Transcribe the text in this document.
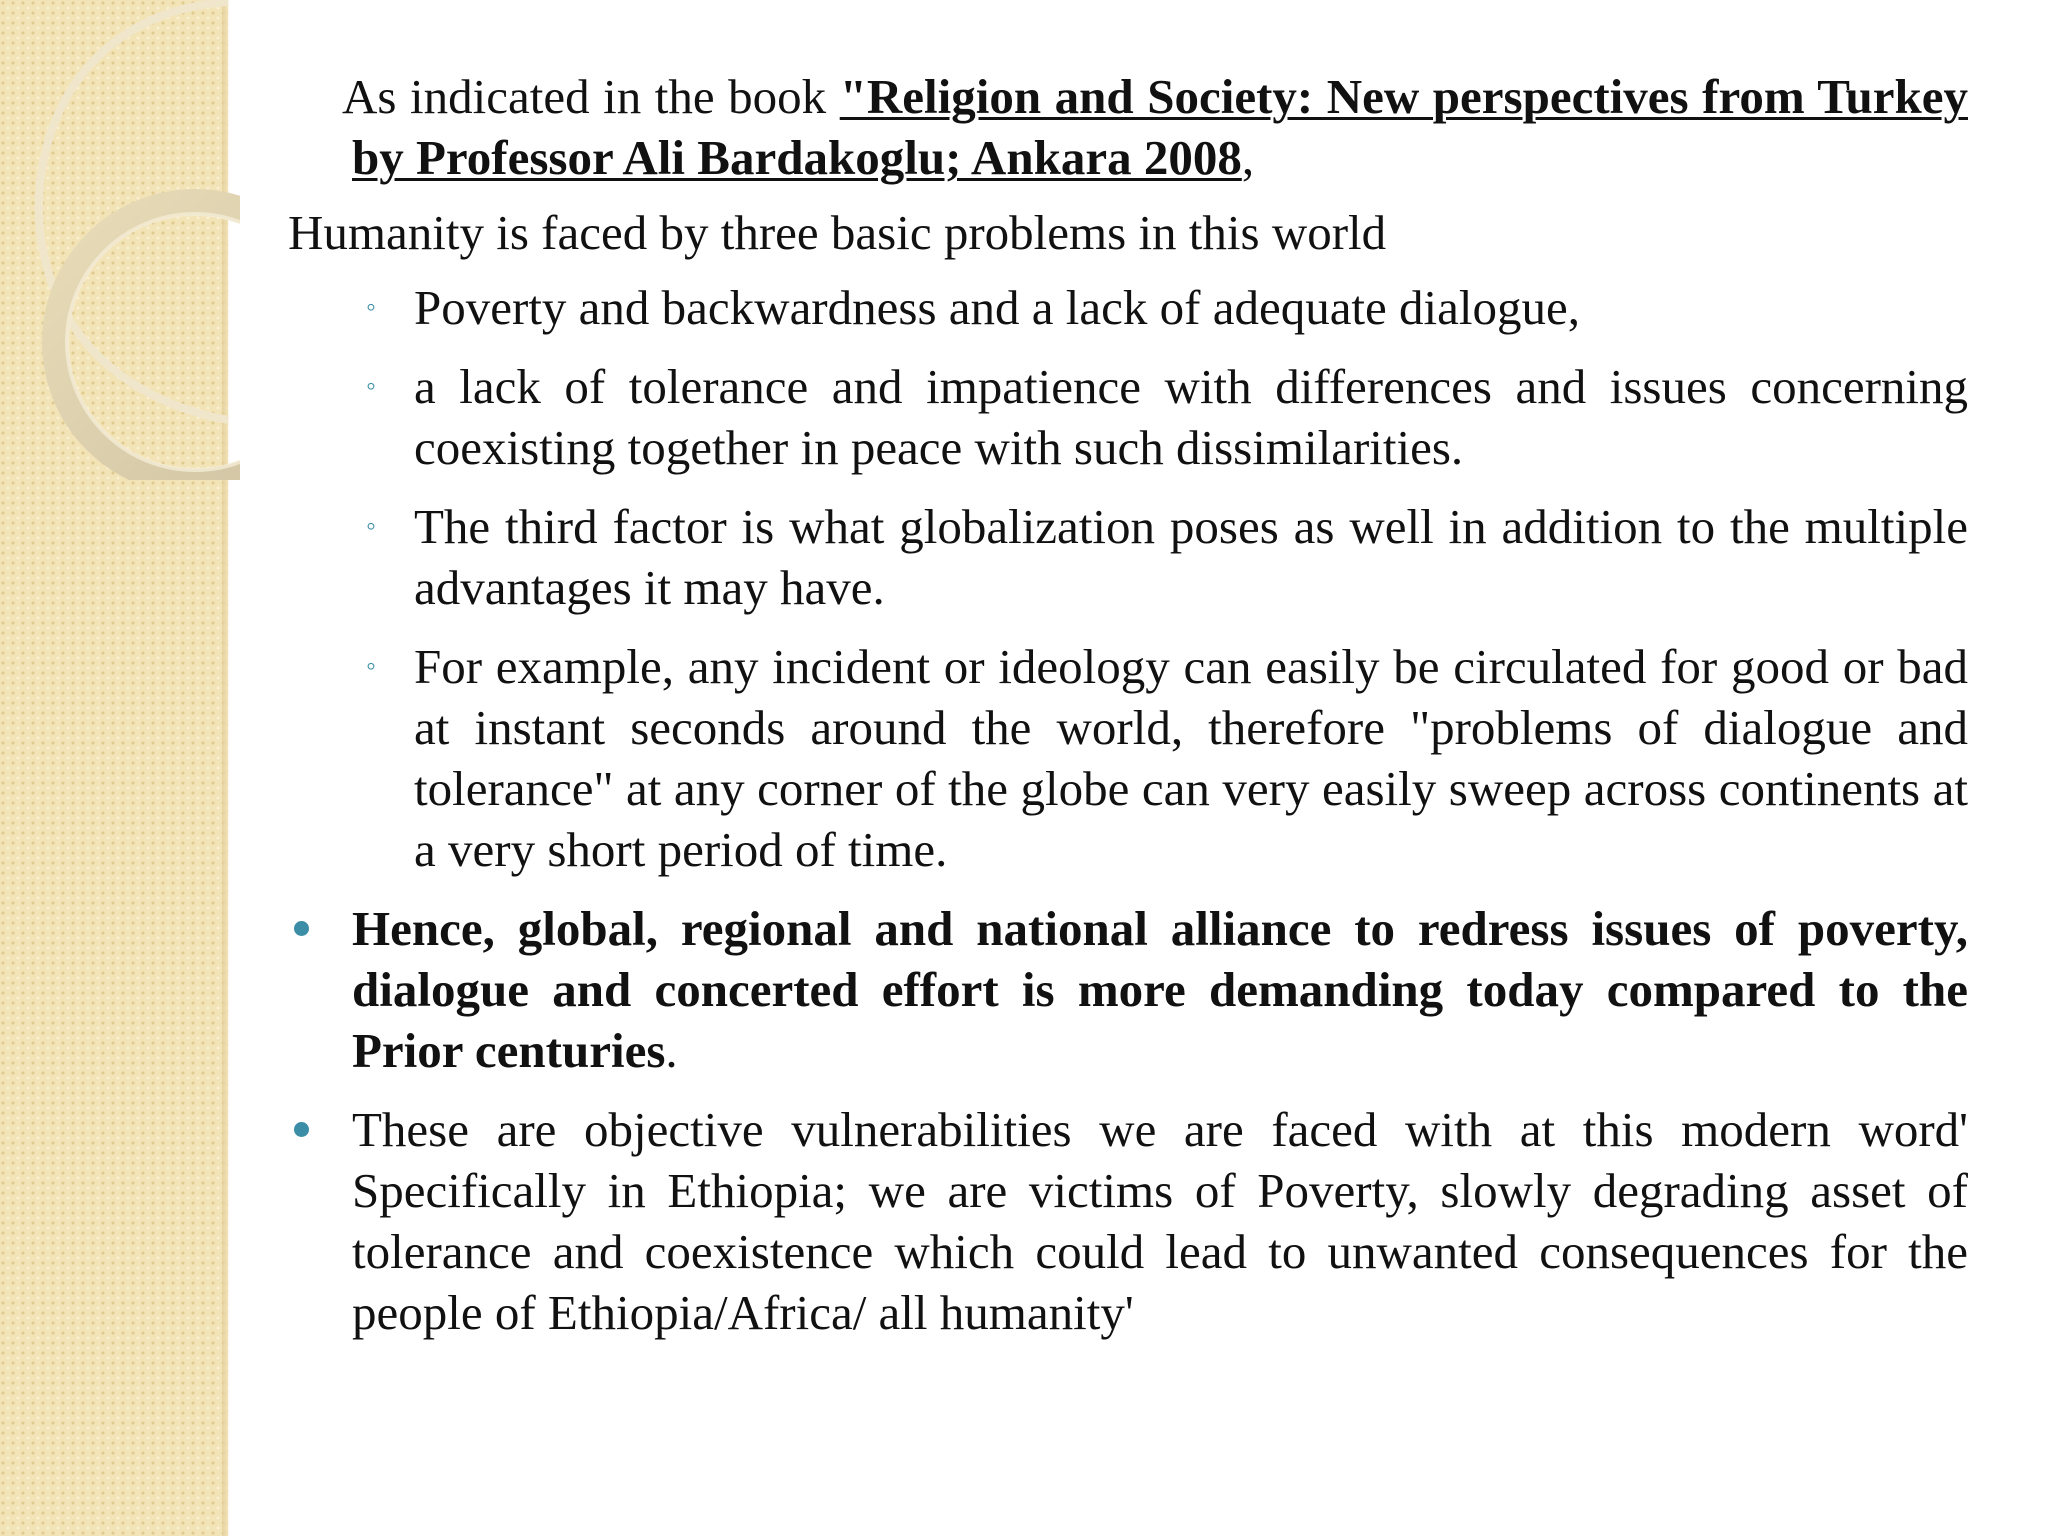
As indicated in the book "Religion and Society: New perspectives from Turkey by Professor Ali Bardakoglu; Ankara 2008,

Humanity is faced by three basic problems in this world

◦ Poverty and backwardness and a lack of adequate dialogue,
◦ a lack of tolerance and impatience with differences and issues concerning coexisting together in peace with such dissimilarities.
◦ The third factor is what globalization poses as well in addition to the multiple advantages it may have.
◦ For example, any incident or ideology can easily be circulated for good or bad at instant seconds around the world, therefore "problems of dialogue and tolerance" at any corner of the globe can very easily sweep across continents at a very short period of time.
Hence, global, regional and national alliance to redress issues of poverty, dialogue and concerted effort is more demanding today compared to the Prior centuries.
These are objective vulnerabilities we are faced with at this modern word' Specifically in Ethiopia; we are victims of Poverty, slowly degrading asset of tolerance and coexistence which could lead to unwanted consequences for the people of Ethiopia/Africa/ all humanity'
